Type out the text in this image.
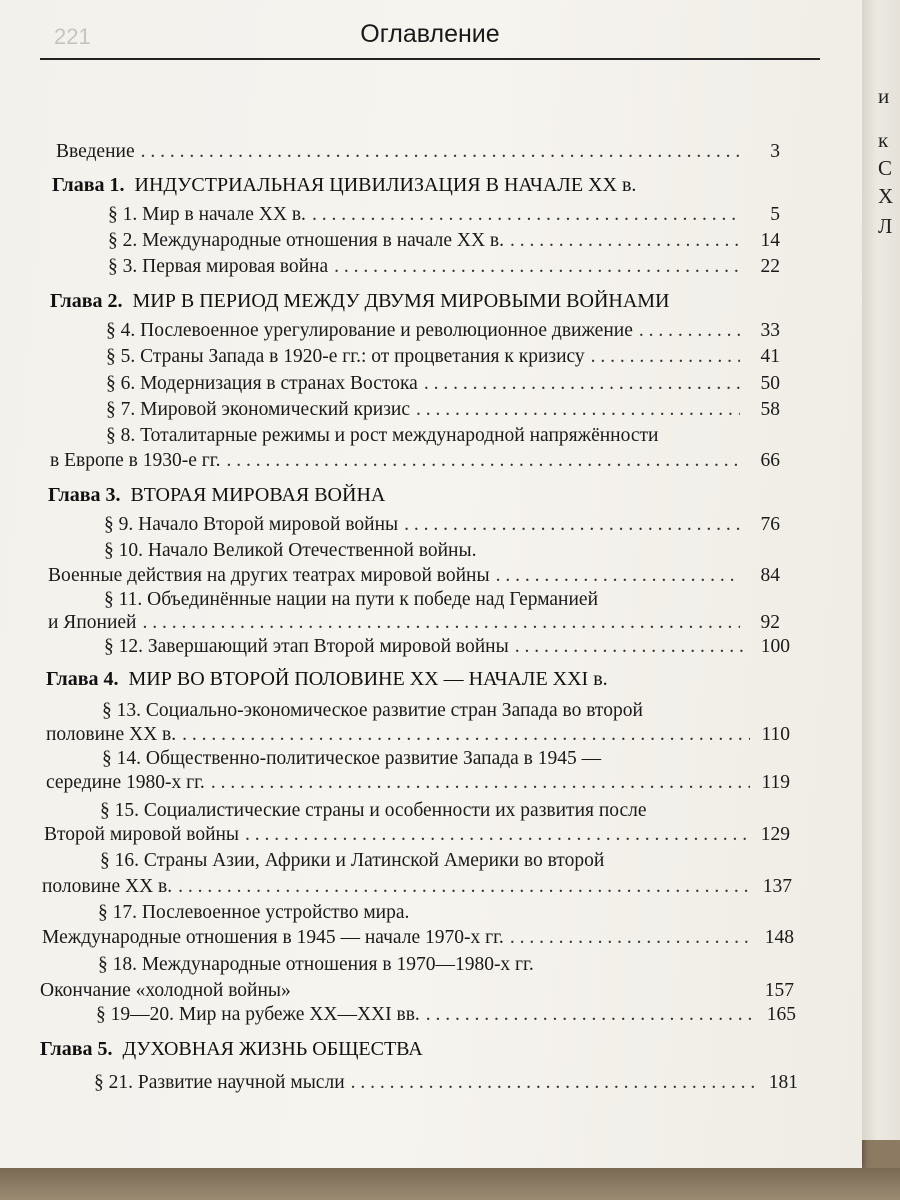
221	Оглавление
Введение . . .	3
Глава 1. ИНДУСТРИАЛЬНАЯ ЦИВИЛИЗАЦИЯ В НАЧАЛЕ XX в.
§ 1. Мир в начале XX в. . . .	5
§ 2. Международные отношения в начале XX в. . . .	14
§ 3. Первая мировая война . . .	22
Глава 2. МИР В ПЕРИОД МЕЖДУ ДВУМЯ МИРОВЫМИ ВОЙНАМИ
§ 4. Послевоенное урегулирование и революционное движение . . .	33
§ 5. Страны Запада в 1920-е гг.: от процветания к кризису . . .	41
§ 6. Модернизация в странах Востока . . .	50
§ 7. Мировой экономический кризис . . .	58
§ 8. Тоталитарные режимы и рост международной напряжённости
в Европе в 1930-е гг. . . .	66
Глава 3. ВТОРАЯ МИРОВАЯ ВОЙНА
§ 9. Начало Второй мировой войны . . .	76
§ 10. Начало Великой Отечественной войны.
Военные действия на других театрах мировой войны . . .	84
§ 11. Объединённые нации на пути к победе над Германией
и Японией . . .	92
§ 12. Завершающий этап Второй мировой войны . . .	100
Глава 4. МИР ВО ВТОРОЙ ПОЛОВИНЕ XX — НАЧАЛЕ XXI в.
§ 13. Социально-экономическое развитие стран Запада во второй
половине XX в. . . .	110
§ 14. Общественно-политическое развитие Запада в 1945 —
середине 1980-х гг. . . .	119
§ 15. Социалистические страны и особенности их развития после
Второй мировой войны . . .	129
§ 16. Страны Азии, Африки и Латинской Америки во второй
половине XX в. . . .	137
§ 17. Послевоенное устройство мира.
Международные отношения в 1945 — начале 1970-х гг. . . .	148
§ 18. Международные отношения в 1970—1980-х гг.
Окончание «холодной войны»	157
§ 19—20. Мир на рубеже XX—XXI вв. . . .	165
Глава 5. ДУХОВНАЯ ЖИЗНЬ ОБЩЕСТВА
§ 21. Развитие научной мысли . . .	181
и
к
С
Х
Л
